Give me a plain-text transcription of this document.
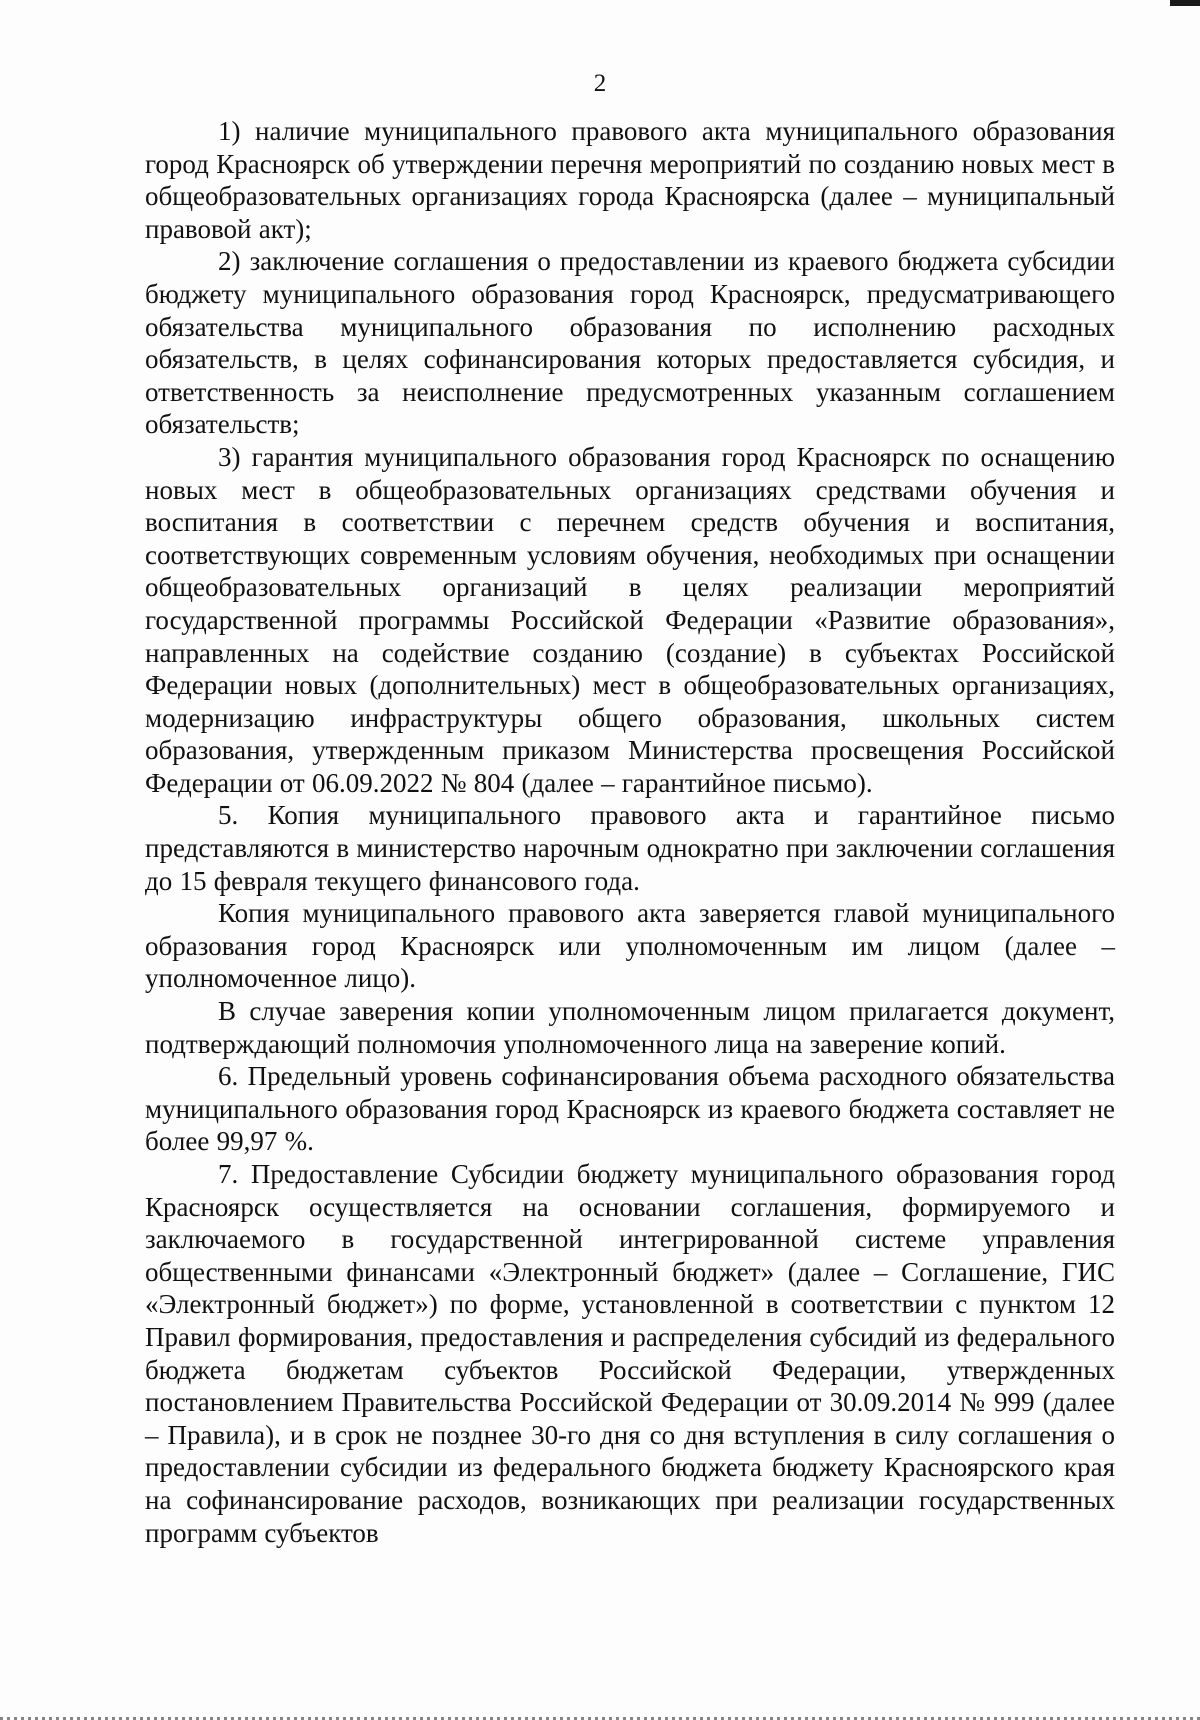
2

1) наличие муниципального правового акта муниципального образования город Красноярск об утверждении перечня мероприятий по созданию новых мест в общеобразовательных организациях города Красноярска (далее – муниципальный правовой акт);

2) заключение соглашения о предоставлении из краевого бюджета субсидии бюджету муниципального образования город Красноярск, предусматривающего обязательства муниципального образования по исполнению расходных обязательств, в целях софинансирования которых предоставляется субсидия, и ответственность за неисполнение предусмотренных указанным соглашением обязательств;

3) гарантия муниципального образования город Красноярск по оснащению новых мест в общеобразовательных организациях средствами обучения и воспитания в соответствии с перечнем средств обучения и воспитания, соответствующих современным условиям обучения, необходимых при оснащении общеобразовательных организаций в целях реализации мероприятий государственной программы Российской Федерации «Развитие образования», направленных на содействие созданию (создание) в субъектах Российской Федерации новых (дополнительных) мест в общеобразовательных организациях, модернизацию инфраструктуры общего образования, школьных систем образования, утвержденным приказом Министерства просвещения Российской Федерации от 06.09.2022 № 804 (далее – гарантийное письмо).

5. Копия муниципального правового акта и гарантийное письмо представляются в министерство нарочным однократно при заключении соглашения до 15 февраля текущего финансового года.

Копия муниципального правового акта заверяется главой муниципального образования город Красноярск или уполномоченным им лицом (далее – уполномоченное лицо).

В случае заверения копии уполномоченным лицом прилагается документ, подтверждающий полномочия уполномоченного лица на заверение копий.

6. Предельный уровень софинансирования объема расходного обязательства муниципального образования город Красноярск из краевого бюджета составляет не более 99,97 %.

7. Предоставление Субсидии бюджету муниципального образования город Красноярск осуществляется на основании соглашения, формируемого и заключаемого в государственной интегрированной системе управления общественными финансами «Электронный бюджет» (далее – Соглашение, ГИС «Электронный бюджет») по форме, установленной в соответствии с пунктом 12 Правил формирования, предоставления и распределения субсидий из федерального бюджета бюджетам субъектов Российской Федерации, утвержденных постановлением Правительства Российской Федерации от 30.09.2014 № 999 (далее – Правила), и в срок не позднее 30-го дня со дня вступления в силу соглашения о предоставлении субсидии из федерального бюджета бюджету Красноярского края на софинансирование расходов, возникающих при реализации государственных программ субъектов
